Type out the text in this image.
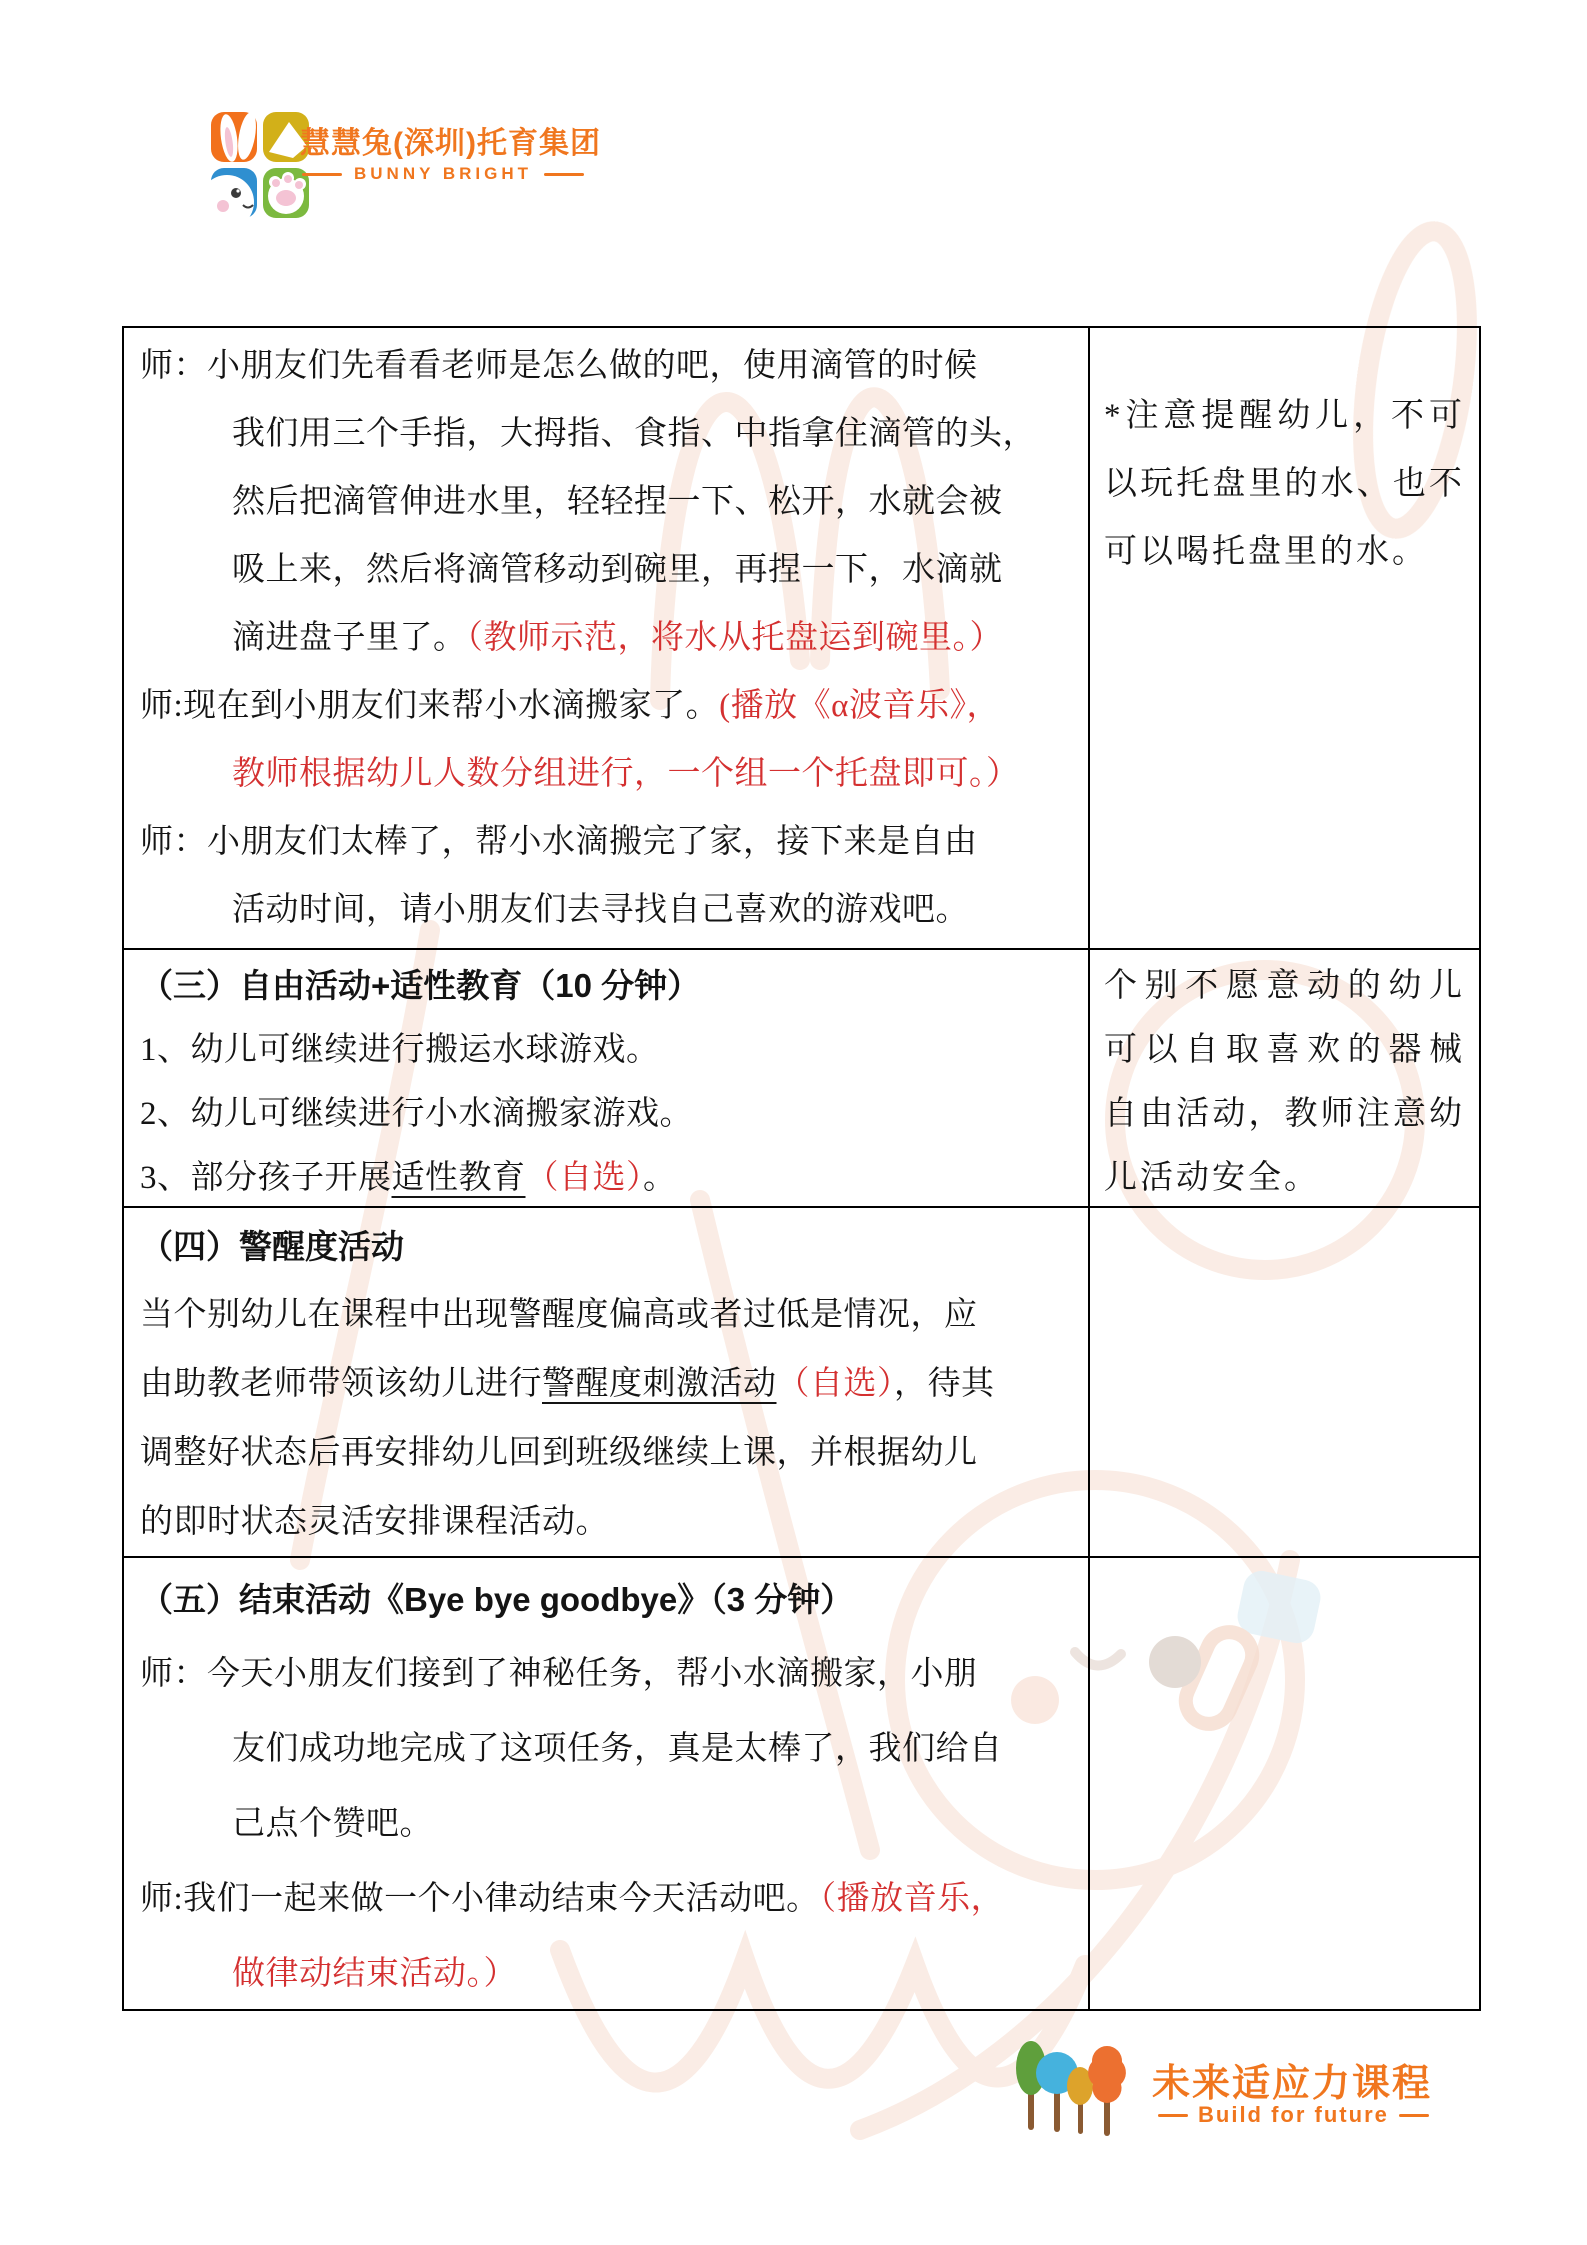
慧慧兔(深圳)托育集团
BUNNY BRIGHT
师：小朋友们先看看老师是怎么做的吧，使用滴管的时候
我们用三个手指，大拇指、食指、中指拿住滴管的头，
然后把滴管伸进水里，轻轻捏一下、松开，水就会被
吸上来，然后将滴管移动到碗里，再捏一下，水滴就
滴进盘子里了。（教师示范，将水从托盘运到碗里。）
师:现在到小朋友们来帮小水滴搬家了。(播放《α波音乐》，
教师根据幼儿人数分组进行，一个组一个托盘即可。）
师：小朋友们太棒了，帮小水滴搬完了家，接下来是自由
活动时间，请小朋友们去寻找自己喜欢的游戏吧。
*注意提醒幼儿，不可
以玩托盘里的水、也不
可以喝托盘里的水。
（三）自由活动+适性教育（10 分钟）
1、幼儿可继续进行搬运水球游戏。
2、幼儿可继续进行小水滴搬家游戏。
3、部分孩子开展适性教育（自选）。
个别不愿意动的幼儿
可以自取喜欢的器械
自由活动，教师注意幼
儿活动安全。
（四）警醒度活动
当个别幼儿在课程中出现警醒度偏高或者过低是情况，应
由助教老师带领该幼儿进行警醒度刺激活动（自选），待其
调整好状态后再安排幼儿回到班级继续上课，并根据幼儿
的即时状态灵活安排课程活动。
（五）结束活动《Bye bye goodbye》（3 分钟）
师：今天小朋友们接到了神秘任务，帮小水滴搬家，小朋
友们成功地完成了这项任务，真是太棒了，我们给自
己点个赞吧。
师:我们一起来做一个小律动结束今天活动吧。（播放音乐，
做律动结束活动。）
未来适应力课程
Build for future
